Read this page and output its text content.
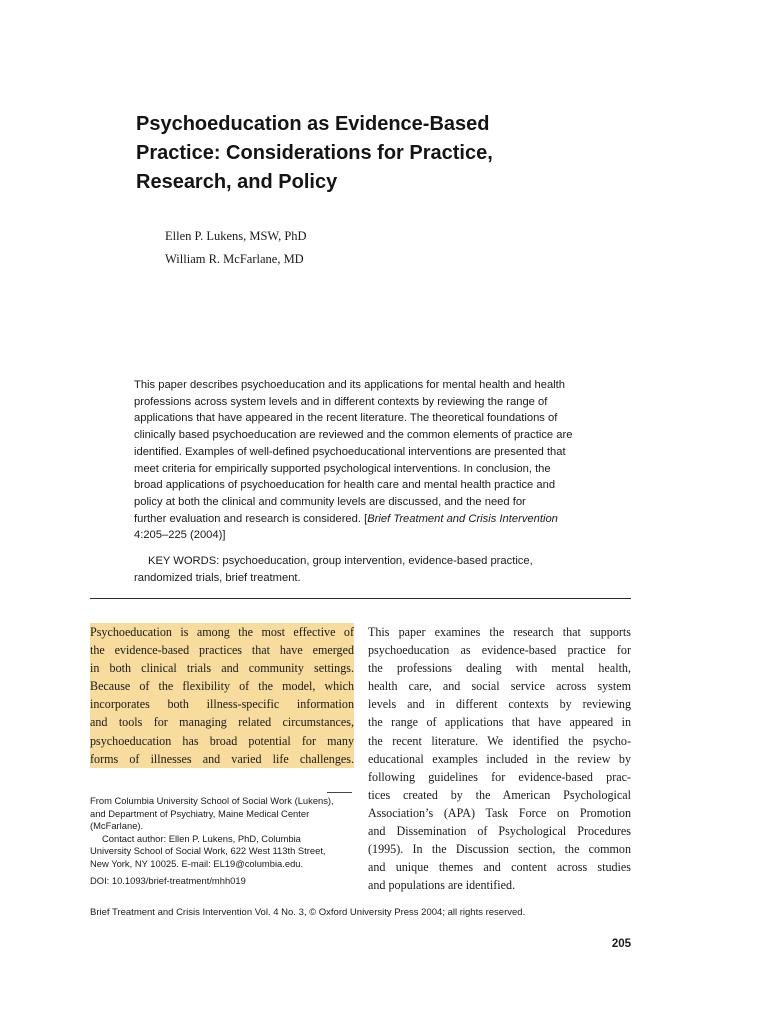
Psychoeducation as Evidence-Based
Practice: Considerations for Practice,
Research, and Policy
Ellen P. Lukens, MSW, PhD
William R. McFarlane, MD
This paper describes psychoeducation and its applications for mental health and health
professions across system levels and in different contexts by reviewing the range of
applications that have appeared in the recent literature. The theoretical foundations of
clinically based psychoeducation are reviewed and the common elements of practice are
identified. Examples of well-defined psychoeducational interventions are presented that
meet criteria for empirically supported psychological interventions. In conclusion, the
broad applications of psychoeducation for health care and mental health practice and
policy at both the clinical and community levels are discussed, and the need for
further evaluation and research is considered. [Brief Treatment and Crisis Intervention
4:205–225 (2004)]
KEY WORDS: psychoeducation, group intervention, evidence-based practice,
randomized trials, brief treatment.
Psychoeducation is among the most effective of
the evidence-based practices that have emerged
in both clinical trials and community settings.
Because of the flexibility of the model, which
incorporates both illness-specific information
and tools for managing related circumstances,
psychoeducation has broad potential for many
forms of illnesses and varied life challenges.
From Columbia University School of Social Work (Lukens),
and Department of Psychiatry, Maine Medical Center
(McFarlane).
Contact author: Ellen P. Lukens, PhD, Columbia
University School of Social Work, 622 West 113th Street,
New York, NY 10025. E-mail: EL19@columbia.edu.
DOI: 10.1093/brief-treatment/mhh019
This paper examines the research that supports
psychoeducation as evidence-based practice for
the professions dealing with mental health,
health care, and social service across system
levels and in different contexts by reviewing
the range of applications that have appeared in
the recent literature. We identified the psycho-
educational examples included in the review by
following guidelines for evidence-based prac-
tices created by the American Psychological
Association’s (APA) Task Force on Promotion
and Dissemination of Psychological Procedures
(1995). In the Discussion section, the common
and unique themes and content across studies
and populations are identified.
Brief Treatment and Crisis Intervention Vol. 4 No. 3, © Oxford University Press 2004; all rights reserved.
205
